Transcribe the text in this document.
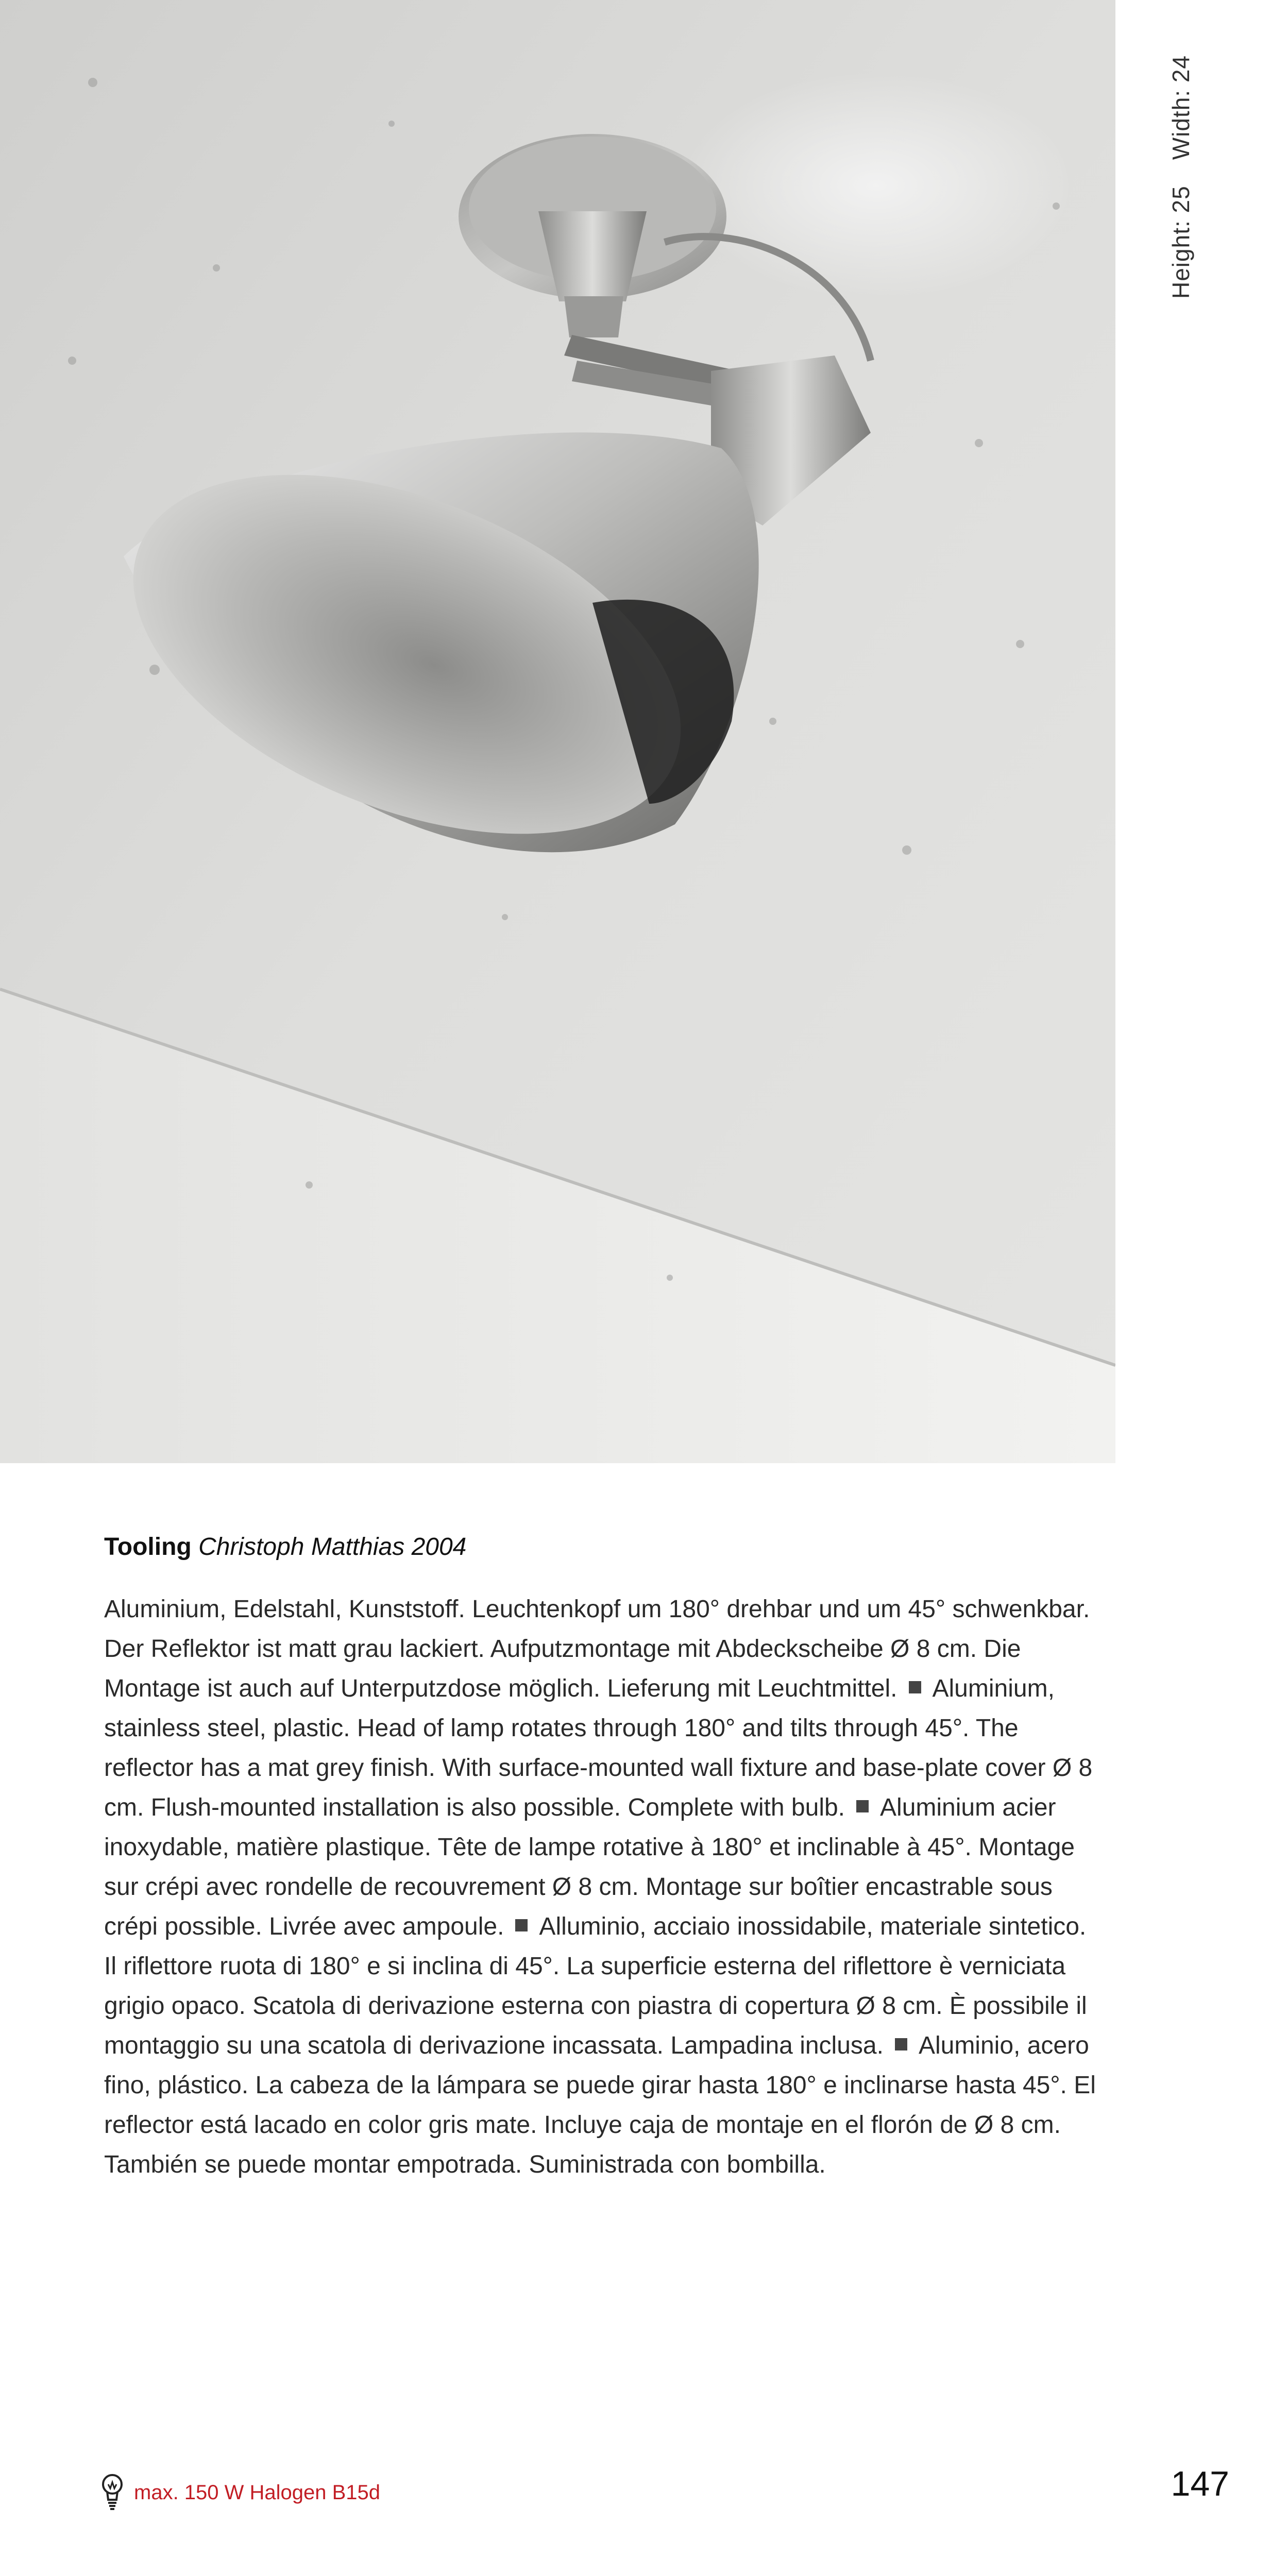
Height: 25Width: 24
Tooling Christoph Matthias 2004
Aluminium, Edelstahl, Kunststoff. Leuchtenkopf um 180° drehbar und um 45° schwenkbar. Der Reflektor ist matt grau lackiert. Aufputzmontage mit Abdeckscheibe Ø 8 cm. Die Montage ist auch auf Unterputzdose möglich. Lieferung mit Leuchtmittel. Aluminium, stainless steel, plastic. Head of lamp rotates through 180° and tilts through 45°. The reflector has a mat grey finish. With surface-mounted wall fixture and base-plate cover Ø 8 cm. Flush-mounted installation is also possible. Complete with bulb. Aluminium acier inoxydable, matière plastique. Tête de lampe rotative à 180° et inclinable à 45°. Montage sur crépi avec rondelle de recouvrement Ø 8 cm. Montage sur boîtier encastrable sous crépi possible. Livrée avec ampoule. Alluminio, acciaio inossidabile, materiale sintetico. Il riflettore ruota di 180° e si inclina di 45°. La superficie esterna del riflettore è verniciata grigio opaco. Scatola di derivazione esterna con piastra di copertura Ø 8 cm. È possibile il montaggio su una scatola di derivazione incassata. Lampadina inclusa. Aluminio, acero fino, plástico. La cabeza de la lámpara se puede girar hasta 180° e inclinarse hasta 45°. El reflector está lacado en color gris mate. Incluye caja de montaje en el florón de Ø 8 cm. También se puede montar empotrada. Suministrada con bombilla.
max. 150 W Halogen B15d	147
